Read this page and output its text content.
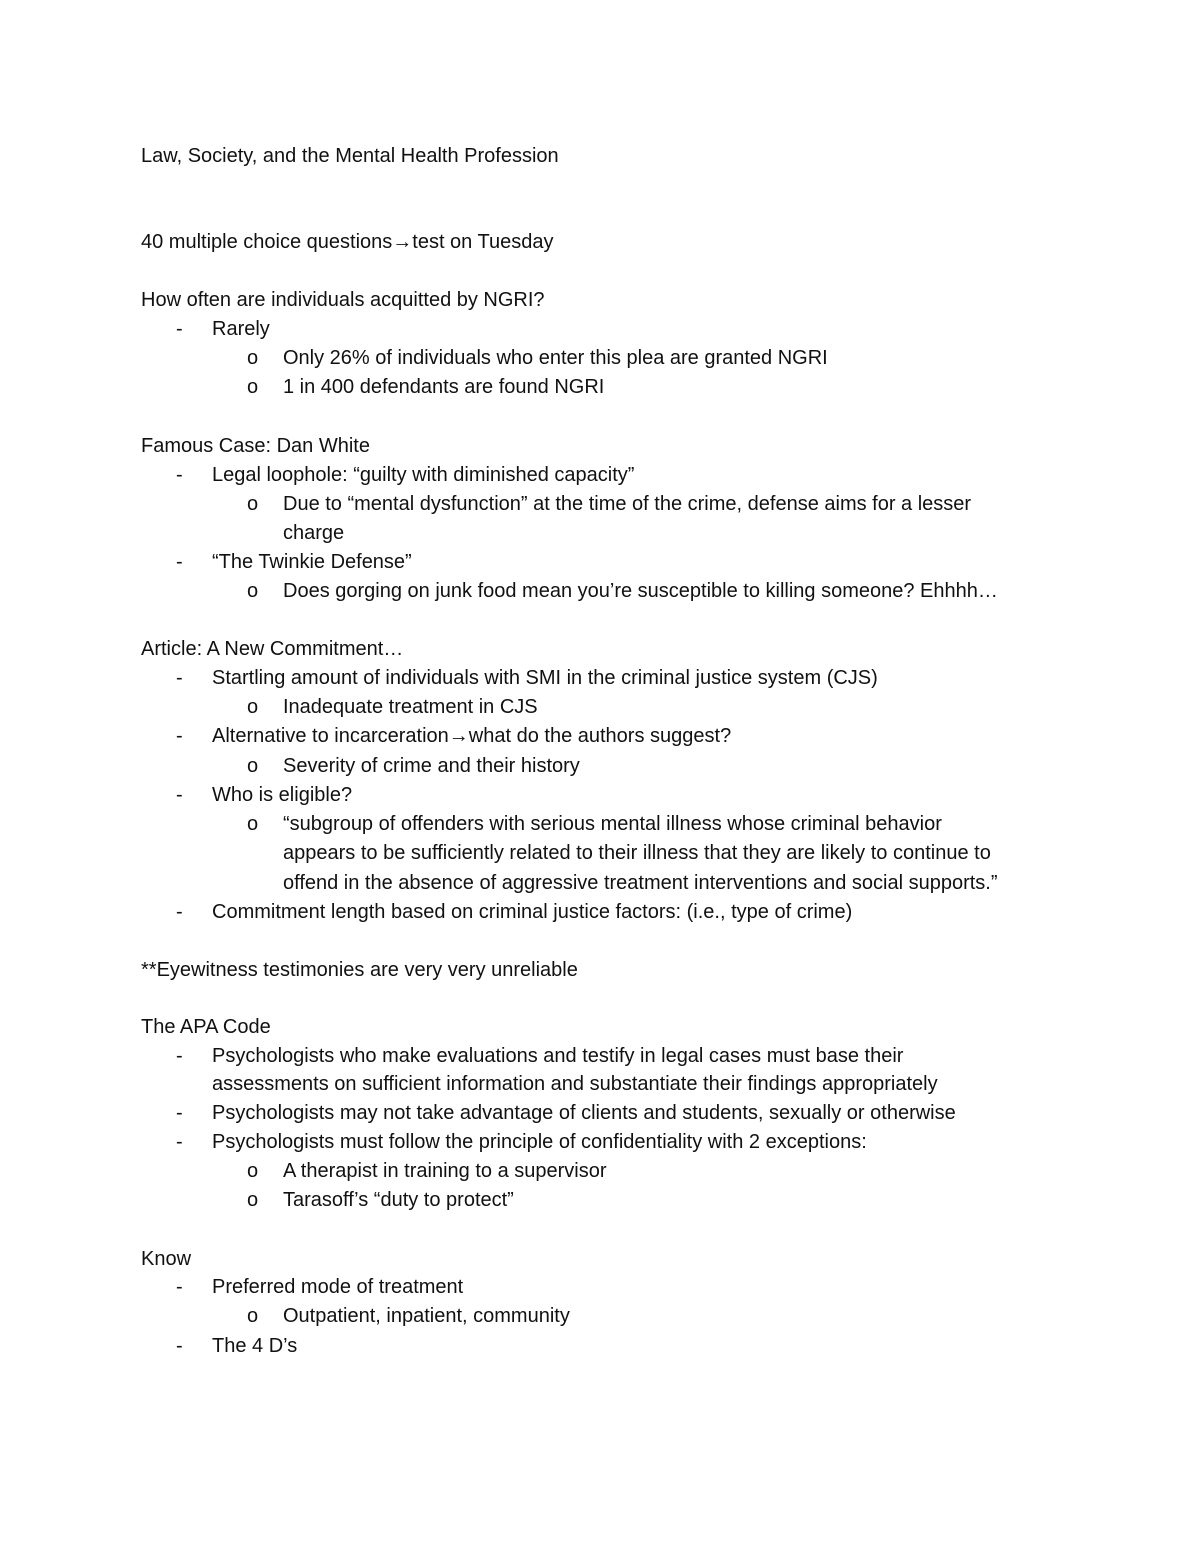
Law, Society, and the Mental Health Profession
40 multiple choice questions→test on Tuesday
How often are individuals acquitted by NGRI?
-	Rarely
o	Only 26% of individuals who enter this plea are granted NGRI
o	1 in 400 defendants are found NGRI
Famous Case: Dan White
-	Legal loophole: “guilty with diminished capacity”
o	Due to “mental dysfunction” at the time of the crime, defense aims for a lesser
charge
-	“The Twinkie Defense”
o	Does gorging on junk food mean you’re susceptible to killing someone? Ehhhh…
Article: A New Commitment…
-	Startling amount of individuals with SMI in the criminal justice system (CJS)
o	Inadequate treatment in CJS
-	Alternative to incarceration→what do the authors suggest?
o	Severity of crime and their history
-	Who is eligible?
o	“subgroup of offenders with serious mental illness whose criminal behavior
appears to be sufficiently related to their illness that they are likely to continue to
offend in the absence of aggressive treatment interventions and social supports.”
-	Commitment length based on criminal justice factors: (i.e., type of crime)
**Eyewitness testimonies are very very unreliable
The APA Code
-	Psychologists who make evaluations and testify in legal cases must base their
assessments on sufficient information and substantiate their findings appropriately
-	Psychologists may not take advantage of clients and students, sexually or otherwise
-	Psychologists must follow the principle of confidentiality with 2 exceptions:
o	A therapist in training to a supervisor
o	Tarasoff’s “duty to protect”
Know
-	Preferred mode of treatment
o	Outpatient, inpatient, community
-	The 4 D’s
